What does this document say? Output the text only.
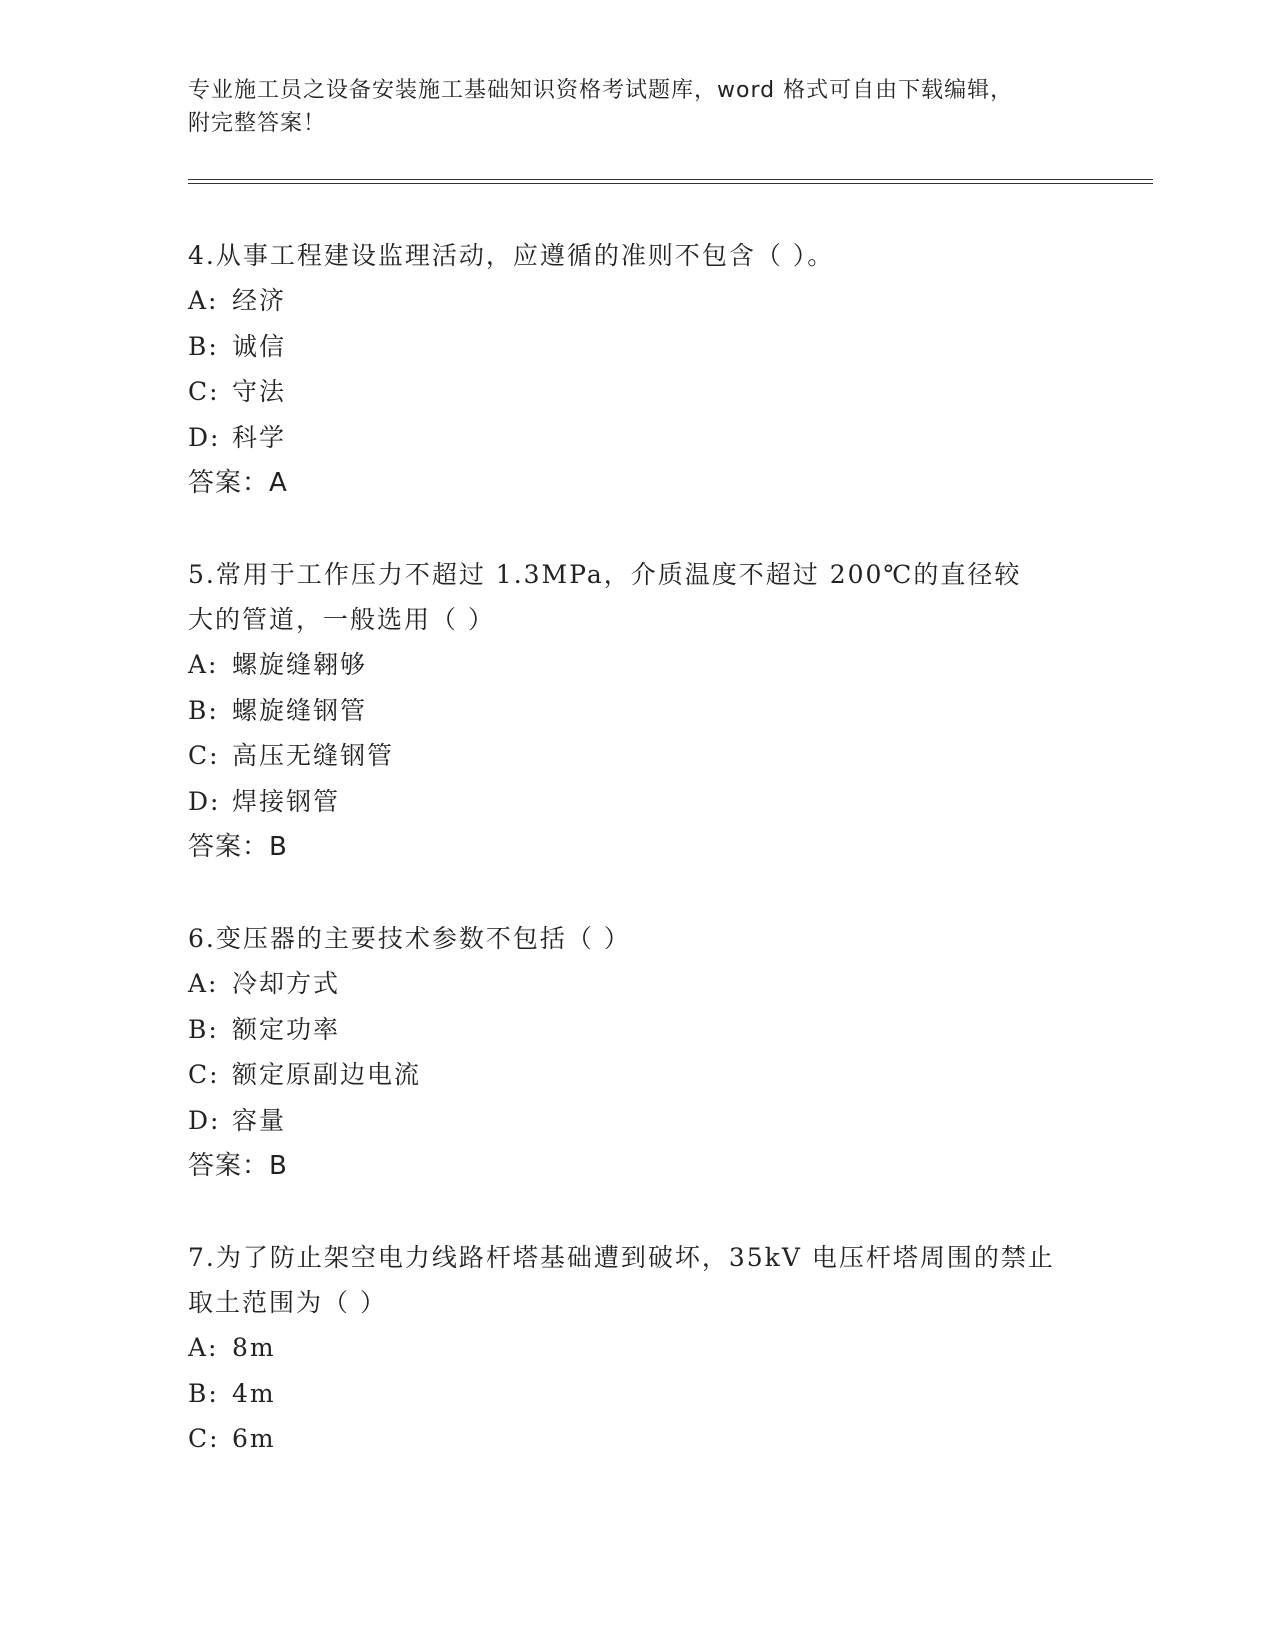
专业施工员之设备安装施工基础知识资格考试题库，word 格式可自由下载编辑，
附完整答案！
4.从事工程建设监理活动，应遵循的准则不包含（ ）。
A: 经济
B: 诚信
C: 守法
D: 科学
答案：A
5.常用于工作压力不超过 1.3MPa，介质温度不超过 200℃的直径较大的管道，一般选用（ ）
A: 螺旋缝翱够
B: 螺旋缝钢管
C: 高压无缝钢管
D: 焊接钢管
答案：B
6.变压器的主要技术参数不包括（ ）
A: 冷却方式
B: 额定功率
C: 额定原副边电流
D: 容量
答案：B
7.为了防止架空电力线路杆塔基础遭到破坏，35kV 电压杆塔周围的禁止取土范围为（ ）
A: 8m
B: 4m
C: 6m
